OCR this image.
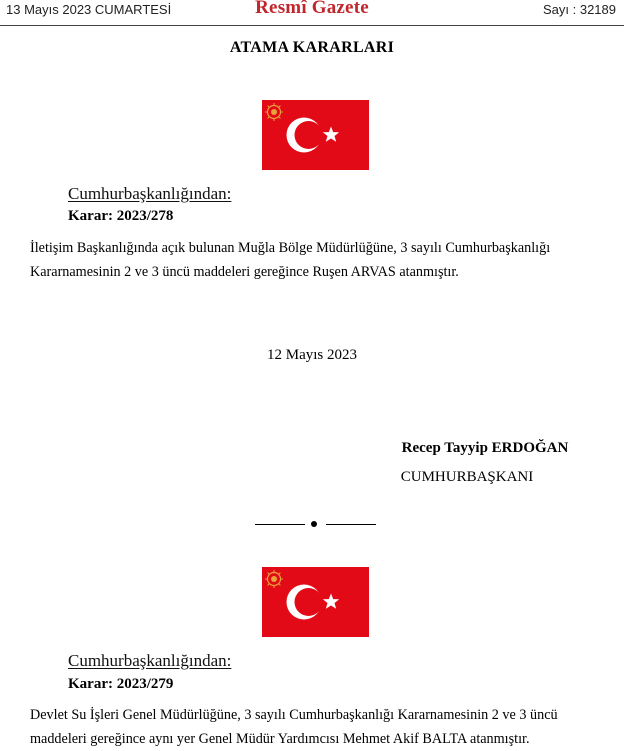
13 Mayıs 2023 CUMARTESİ	Resmî Gazete	Sayı : 32189
ATAMA KARARLARI
Cumhurbaşkanlığından:
Karar: 2023/278
İletişim Başkanlığında açık bulunan Muğla Bölge Müdürlüğüne, 3 sayılı Cumhurbaşkanlığı
Kararnamesinin 2 ve 3 üncü maddeleri gereğince Ruşen ARVAS atanmıştır.
12 Mayıs 2023
Recep Tayyip ERDOĞAN
CUMHURBAŞKANI
Cumhurbaşkanlığından:
Karar: 2023/279
Devlet Su İşleri Genel Müdürlüğüne, 3 sayılı Cumhurbaşkanlığı Kararnamesinin 2 ve 3 üncü
maddeleri gereğince aynı yer Genel Müdür Yardımcısı Mehmet Akif BALTA atanmıştır.
